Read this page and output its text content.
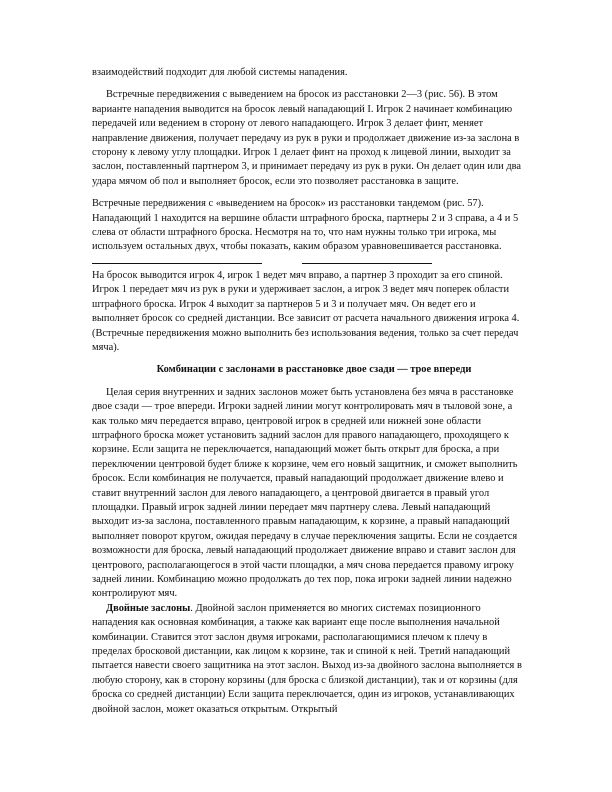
взаимодействий подходит для любой системы нападения.

Встречные передвижения с выведением на бросок из расстановки 2—3 (рис. 56). В этом варианте нападения выводится на бросок левый нападающий I. Игрок 2 начинает комбинацию передачей или ведением в сторону от левого нападающего. Игрок 3 делает финт, меняет направление движения, получает передачу из рук в руки и продолжает движение из-за заслона в сторону к левому углу площадки. Игрок 1 делает финт на проход к лицевой линии, выходит за заслон, поставленный партнером 3, и принимает передачу из рук в руки. Он делает один или два удара мячом об пол и выполняет бросок, если это позволяет расстановка в защите.

Встречные передвижения с «выведением на бросок» из расстановки тандемом (рис. 57).

Нападающий 1 находится на вершине области штрафного броска, партнеры 2 и 3 справа, а 4 и 5 слева от области штрафного броска. Несмотря на то, что нам нужны только три игрока, мы используем остальных двух, чтобы показать, каким образом уравновешивается расстановка.

На бросок выводится игрок 4, игрок 1 ведет мяч вправо, а партнер 3 проходит за его спиной. Игрок 1 передает мяч из рук в руки и удерживает заслон, а игрок 3 ведет мяч поперек области штрафного броска. Игрок 4 выходит за партнеров 5 и 3 и получает мяч. Он ведет его и выполняет бросок со средней дистанции. Все зависит от расчета начального движения игрока 4. (Встречные передвижения можно выполнить без использования ведения, только за счет передач мяча).

Комбинации с заслонами в расстановке двое сзади — трое впереди

Целая серия внутренних и задних заслонов может быть установлена без мяча в расстановке двое сзади — трое впереди. Игроки задней линии могут контролировать мяч в тыловой зоне, а как только мяч передается вправо, центровой игрок в средней или нижней зоне области штрафного броска может установить задний заслон для правого нападающего, проходящего к корзине. Если защита не переключается, нападающий может быть открыт для броска, а при переключении центровой будет ближе к корзине, чем его новый защитник, и сможет выполнить бросок. Если комбинация не получается, правый нападающий продолжает движение влево и ставит внутренний заслон для левого нападающего, а центровой двигается в правый угол площадки. Правый игрок задней линии передает мяч партнеру слева. Левый нападающий выходит из-за заслона, поставленного правым нападающим, к корзине, а правый нападающий выполняет поворот кругом, ожидая передачу в случае переключения защиты. Если не создается возможности для броска, левый нападающий продолжает движение вправо и ставит заслон для центрового, располагающегося в этой части площадки, а мяч снова передается правому игроку задней линии. Комбинацию можно продолжать до тех пор, пока игроки задней линии надежно контролируют мяч.

Двойные заслоны. Двойной заслон применяется во многих системах позиционного нападения как основная комбинация, а также как вариант еще после выполнения начальной комбинации. Ставится этот заслон двумя игроками, располагающимися плечом к плечу в пределах бросковой дистанции, как лицом к корзине, так и спиной к ней. Третий нападающий пытается навести своего защитника на этот заслон. Выход из-за двойного заслона выполняется в любую сторону, как в сторону корзины (для броска с близкой дистанции), так и от корзины (для броска со средней дистанции) Если защита переключается, один из игроков, устанавливающих двойной заслон, может оказаться открытым. Открытый
